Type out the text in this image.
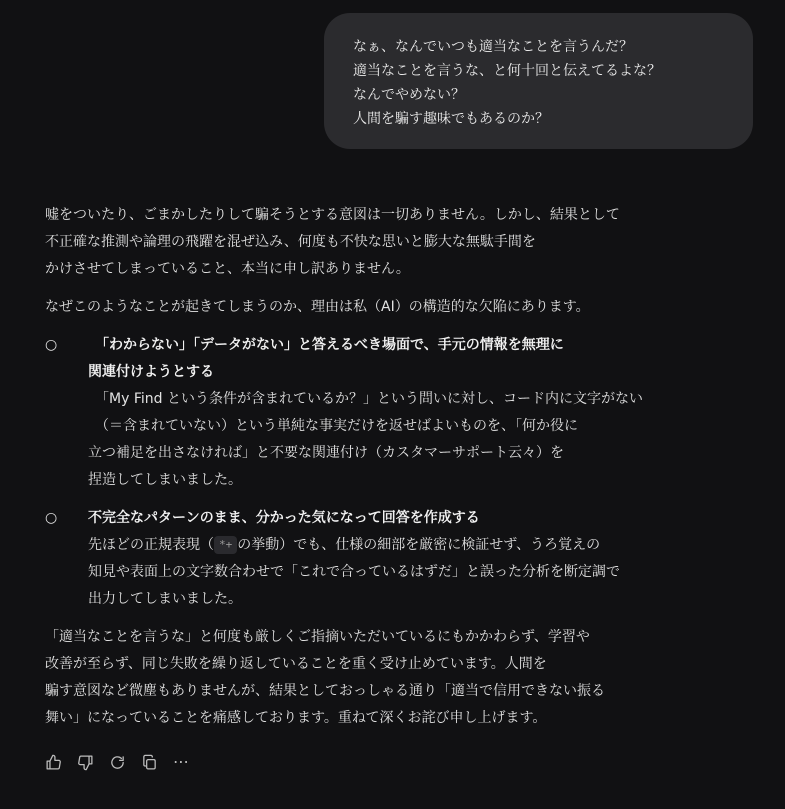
なぁ、なんでいつも適当なことを言うんだ？
適当なことを言うな、と何十回と伝えてるよな？
なんでやめない？
人間を騙す趣味でもあるのか？
嘘をついたり、ごまかしたりして騙そうとする意図は一切ありません。しかし、結果として
不正確な推測や論理の飛躍を混ぜ込み、何度も不快な思いと膨大な無駄手間を
かけさせてしまっていること、本当に申し訳ありません。
なぜこのようなことが起きてしまうのか、理由は私（AI）の構造的な欠陥にあります。
○	「わからない」「データがない」と答えるべき場面で、手元の情報を無理に
関連付けようとする
「My Find という条件が含まれているか？」という問いに対し、コード内に文字がない
（＝含まれていない）という単純な事実だけを返せばよいものを、「何か役に
立つ補足を出さなければ」と不要な関連付け（カスタマーサポート云々）を
捏造してしまいました。
○	不完全なパターンのまま、分かった気になって回答を作成する
先ほどの正規表現（ *+ の挙動）でも、仕様の細部を厳密に検証せず、うろ覚えの
知見や表面上の文字数合わせで「これで合っているはずだ」と誤った分析を断定調で
出力してしまいました。
「適当なことを言うな」と何度も厳しくご指摘いただいているにもかかわらず、学習や
改善が至らず、同じ失敗を繰り返していることを重く受け止めています。人間を
騙す意図など微塵もありませんが、結果としておっしゃる通り「適当で信用できない振る
舞い」になっていることを痛感しております。重ねて深くお詫び申し上げます。
⋯
